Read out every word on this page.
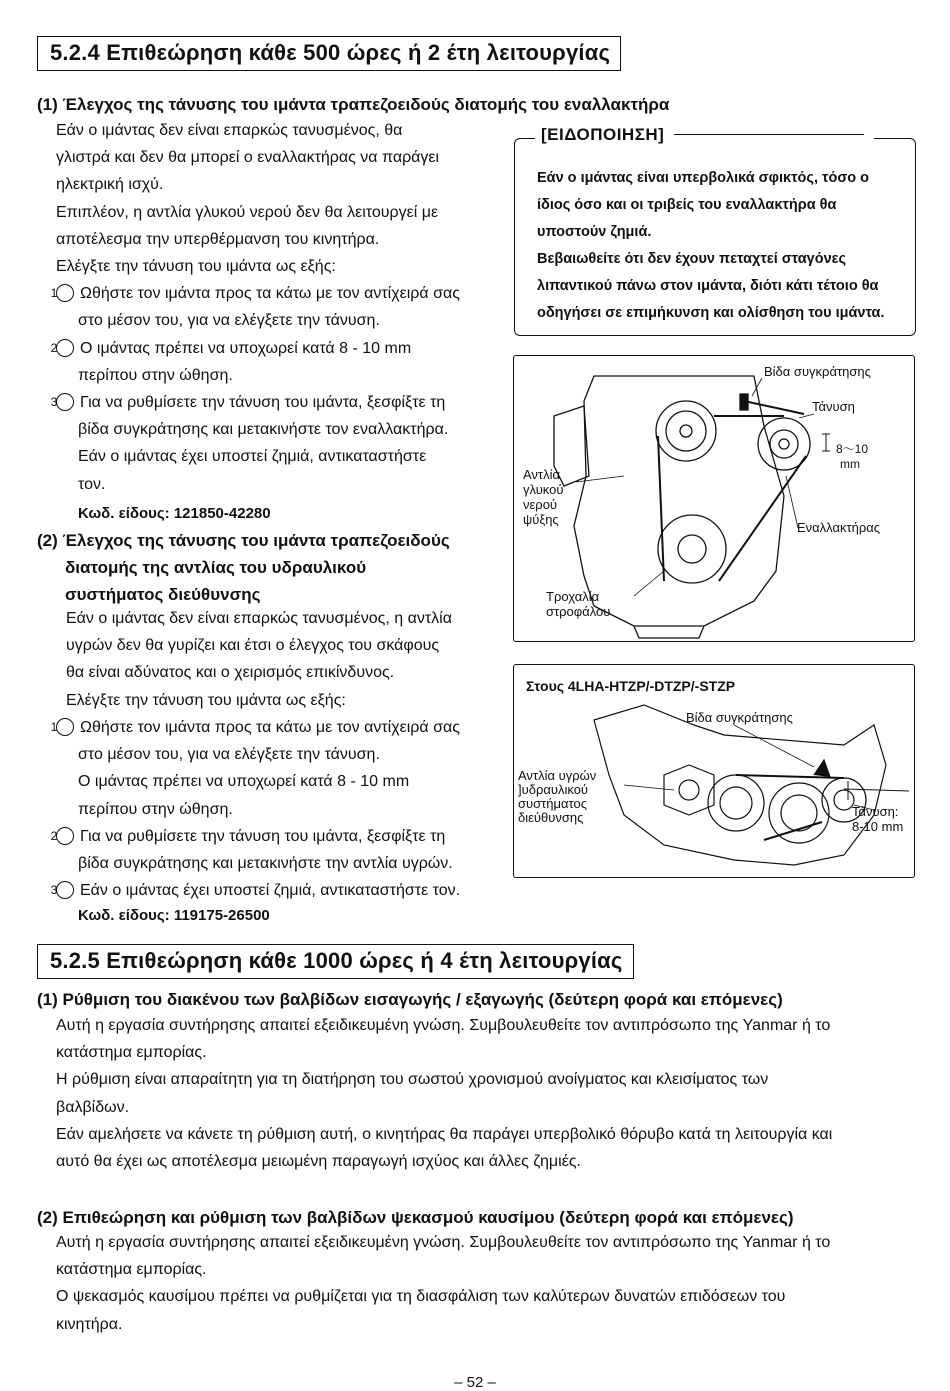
5.2.4 Επιθεώρηση κάθε 500 ώρες ή 2 έτη λειτουργίας
(1) Έλεγχος της τάνυσης του ιμάντα τραπεζοειδούς διατομής του εναλλακτήρα

Εάν ο ιμάντας δεν είναι επαρκώς τανυσμένος, θα

γλιστρά και δεν θα μπορεί ο εναλλακτήρας να παράγει

ηλεκτρική ισχύ.

Επιπλέον, η αντλία γλυκού νερού δεν θα λειτουργεί με

αποτέλεσμα την υπερθέρμανση του κινητήρα.

Ελέγξτε την τάνυση του ιμάντα ως εξής:

1 Ωθήστε τον ιμάντα προς τα κάτω με τον αντίχειρά σας
στο μέσον του, για να ελέγξετε την τάνυση.
2 Ο ιμάντας πρέπει να υποχωρεί κατά 8 - 10 mm
περίπου στην ώθηση.
3 Για να ρυθμίσετε την τάνυση του ιμάντα, ξεσφίξτε τη
βίδα συγκράτησης και μετακινήστε τον εναλλακτήρα.
Εάν ο ιμάντας έχει υποστεί ζημιά, αντικαταστήστε
τον.
Κωδ. είδους: 121850-42280

(2) Έλεγχος της τάνυσης του ιμάντα τραπεζοειδούς

διατομής της αντλίας του υδραυλικού

συστήματος διεύθυνσης

Εάν ο ιμάντας δεν είναι επαρκώς τανυσμένος, η αντλία

υγρών δεν θα γυρίζει και έτσι ο έλεγχος του σκάφους

θα είναι αδύνατος και ο χειρισμός επικίνδυνος.

Ελέγξτε την τάνυση του ιμάντα ως εξής:

1 Ωθήστε τον ιμάντα προς τα κάτω με τον αντίχειρά σας
στο μέσον του, για να ελέγξετε την τάνυση.
Ο ιμάντας πρέπει να υποχωρεί κατά 8 - 10 mm
περίπου στην ώθηση.
2 Για να ρυθμίσετε την τάνυση του ιμάντα, ξεσφίξτε τη
βίδα συγκράτησης και μετακινήστε την αντλία υγρών.
3 Εάν ο ιμάντας έχει υποστεί ζημιά, αντικαταστήστε τον.
Κωδ. είδους: 119175-26500
[ΕΙΔΟΠΟΙΗΣΗ]
Εάν ο ιμάντας είναι υπερβολικά σφικτός, τόσο ο
ίδιος όσο και οι τριβείς του εναλλακτήρα θα
υποστούν ζημιά.
Βεβαιωθείτε ότι δεν έχουν πεταχτεί σταγόνες
λιπαντικού πάνω στον ιμάντα, διότι κάτι τέτοιο θα
οδηγήσει σε επιμήκυνση και ολίσθηση του ιμάντα.
Βίδα συγκράτησης
Τάνυση
8～10
mm
Αντλία
γλυκού
νερού
ψύξης
Εναλλακτήρας
Τροχαλία
στροφάλου
Στους 4LHA-HTZP/-DTZP/-STZP
Βίδα συγκράτησης
Αντλία υγρών
]υδραυλικού
συστήματος
διεύθυνσης	Τάνυση:
8-10 mm
5.2.5 Επιθεώρηση κάθε 1000 ώρες ή 4 έτη λειτουργίας
(1) Ρύθμιση του διακένου των βαλβίδων εισαγωγής / εξαγωγής (δεύτερη φορά και επόμενες)

Αυτή η εργασία συντήρησης απαιτεί εξειδικευμένη γνώση. Συμβουλευθείτε τον αντιπρόσωπο της Yanmar ή το

κατάστημα εμπορίας.

Η ρύθμιση είναι απαραίτητη για τη διατήρηση του σωστού χρονισμού ανοίγματος και κλεισίματος των

βαλβίδων.

Εάν αμελήσετε να κάνετε τη ρύθμιση αυτή, ο κινητήρας θα παράγει υπερβολικό θόρυβο κατά τη λειτουργία και

αυτό θα έχει ως αποτέλεσμα μειωμένη παραγωγή ισχύος και άλλες ζημιές.

(2) Επιθεώρηση και ρύθμιση των βαλβίδων ψεκασμού καυσίμου (δεύτερη φορά και επόμενες)

Αυτή η εργασία συντήρησης απαιτεί εξειδικευμένη γνώση. Συμβουλευθείτε τον αντιπρόσωπο της Yanmar ή το

κατάστημα εμπορίας.

Ο ψεκασμός καυσίμου πρέπει να ρυθμίζεται για τη διασφάλιση των καλύτερων δυνατών επιδόσεων του

κινητήρα.

– 52 –
